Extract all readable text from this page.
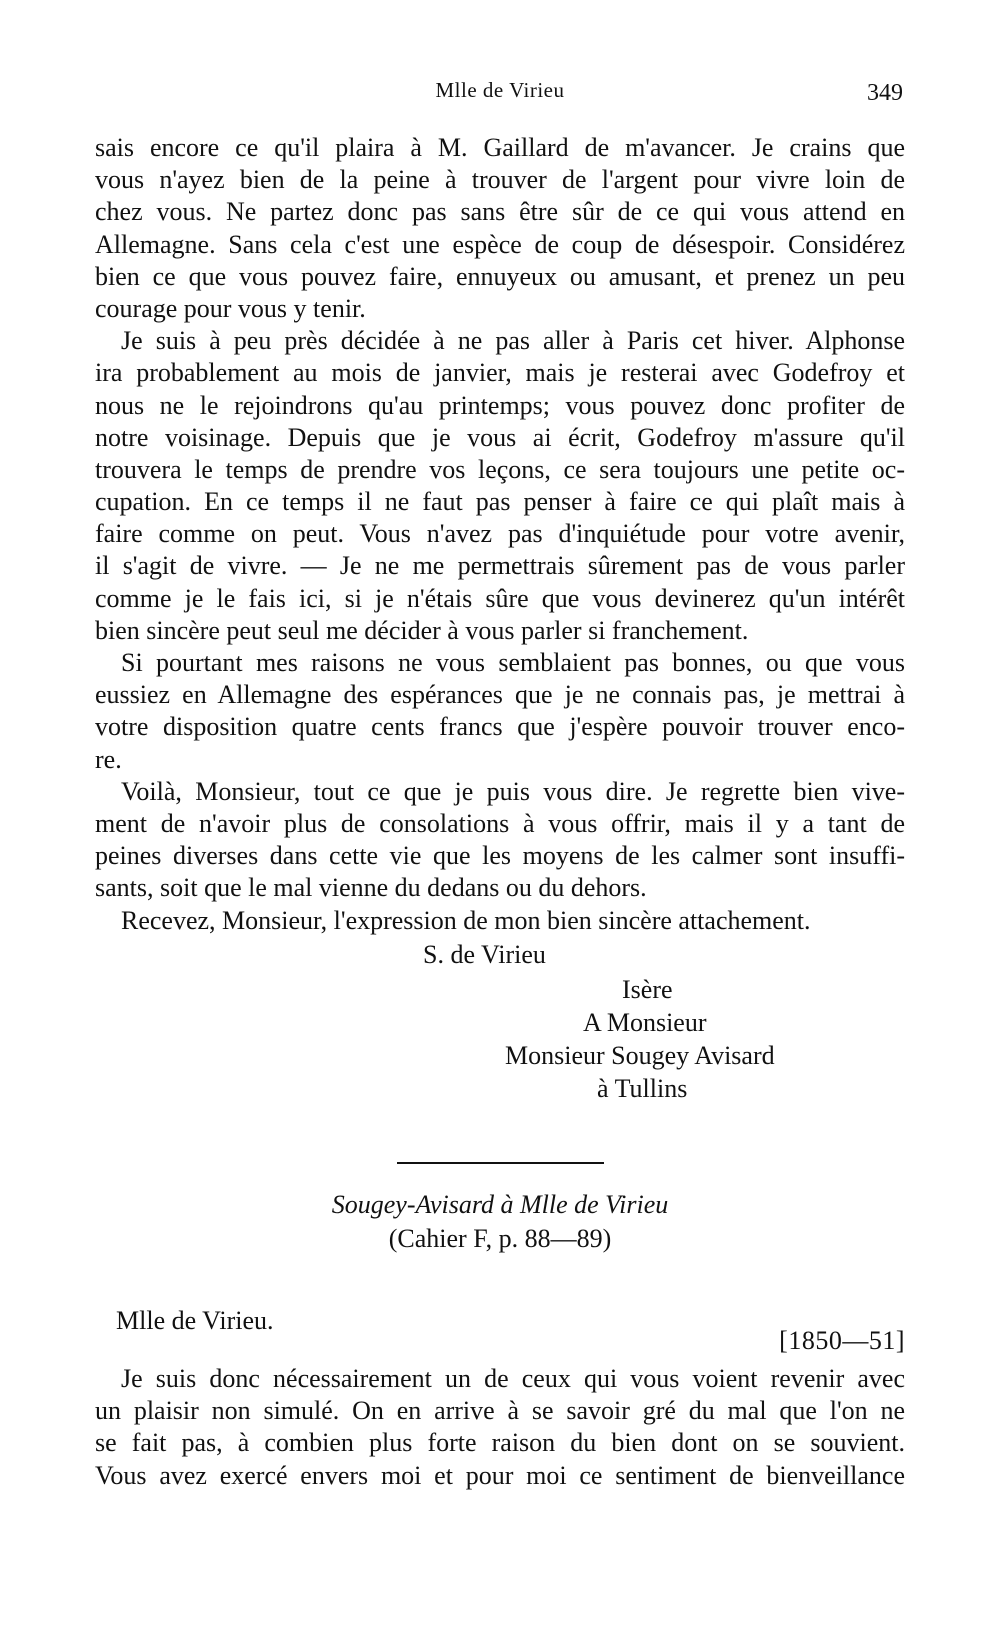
Mlle de Virieu	349
sais encore ce qu'il plaira à M. Gaillard de m'avancer. Je crains que
vous n'ayez bien de la peine à trouver de l'argent pour vivre loin de
chez vous. Ne partez donc pas sans être sûr de ce qui vous attend en
Allemagne. Sans cela c'est une espèce de coup de désespoir. Considérez
bien ce que vous pouvez faire, ennuyeux ou amusant, et prenez un peu
courage pour vous y tenir.
Je suis à peu près décidée à ne pas aller à Paris cet hiver. Alphonse
ira probablement au mois de janvier, mais je resterai avec Godefroy et
nous ne le rejoindrons qu'au printemps; vous pouvez donc profiter de
notre voisinage. Depuis que je vous ai écrit, Godefroy m'assure qu'il
trouvera le temps de prendre vos leçons, ce sera toujours une petite oc-
cupation. En ce temps il ne faut pas penser à faire ce qui plaît mais à
faire comme on peut. Vous n'avez pas d'inquiétude pour votre avenir,
il s'agit de vivre. — Je ne me permettrais sûrement pas de vous parler
comme je le fais ici, si je n'étais sûre que vous devinerez qu'un intérêt
bien sincère peut seul me décider à vous parler si franchement.
Si pourtant mes raisons ne vous semblaient pas bonnes, ou que vous
eussiez en Allemagne des espérances que je ne connais pas, je mettrai à
votre disposition quatre cents francs que j'espère pouvoir trouver enco-
re.
Voilà, Monsieur, tout ce que je puis vous dire. Je regrette bien vive-
ment de n'avoir plus de consolations à vous offrir, mais il y a tant de
peines diverses dans cette vie que les moyens de les calmer sont insuffi-
sants, soit que le mal vienne du dedans ou du dehors.
Recevez, Monsieur, l'expression de mon bien sincère attachement.
S. de Virieu
Isère
A Monsieur
Monsieur Sougey Avisard
à Tullins
Sougey-Avisard à Mlle de Virieu
(Cahier F, p. 88—89)
[1850—51]
Mlle de Virieu.
Je suis donc nécessairement un de ceux qui vous voient revenir avec
un plaisir non simulé. On en arrive à se savoir gré du mal que l'on ne
se fait pas, à combien plus forte raison du bien dont on se souvient.
Vous avez exercé envers moi et pour moi ce sentiment de bienveillance
